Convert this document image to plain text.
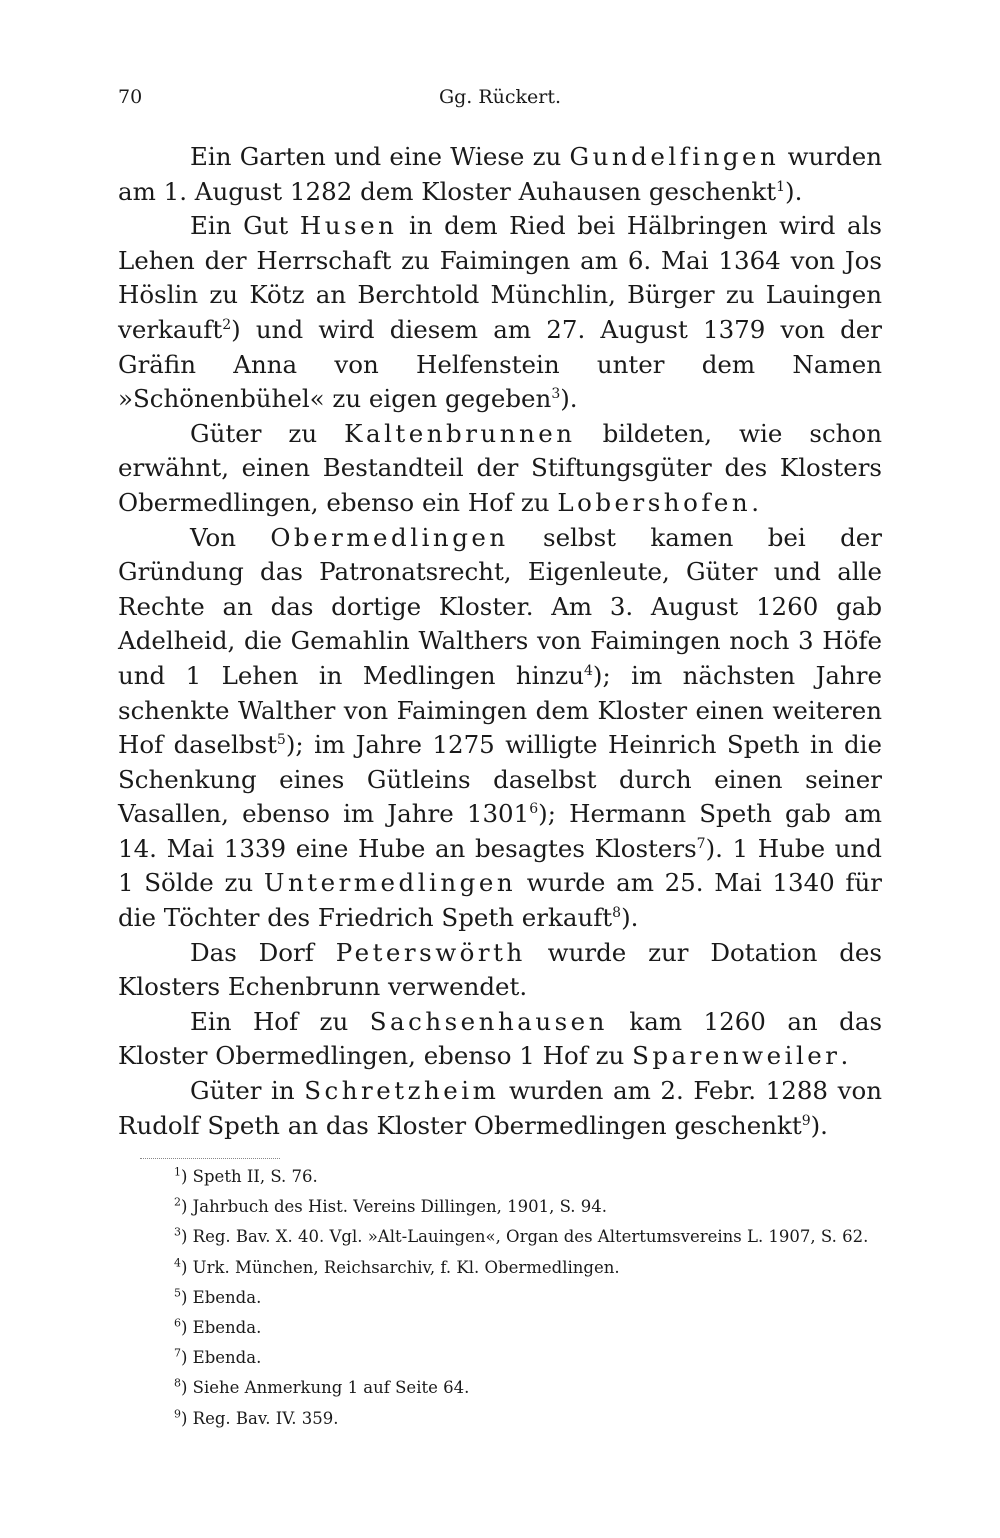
70	Gg. Rückert.

Ein Garten und eine Wiese zu Gundelfingen wurden am 1. August 1282 dem Kloster Auhausen geschenkt$^1$).

Ein Gut Husen in dem Ried bei Hälbringen wird als Lehen der Herrschaft zu Faimingen am 6. Mai 1364 von Jos Höslin zu Kötz an Berchtold Münchlin, Bürger zu Lauingen verkauft$^2$) und wird diesem am 27. August 1379 von der Gräfin Anna von Helfenstein unter dem Namen »Schönenbühel« zu eigen gegeben$^3$).

Güter zu Kaltenbrunnen bildeten, wie schon erwähnt, einen Bestandteil der Stiftungsgüter des Klosters Obermedlingen, ebenso ein Hof zu Lobershofen.

Von Obermedlingen selbst kamen bei der Gründung das Patronatsrecht, Eigenleute, Güter und alle Rechte an das dortige Kloster. Am 3. August 1260 gab Adelheid, die Gemahlin Walthers von Faimingen noch 3 Höfe und 1 Lehen in Medlingen hinzu$^4$); im nächsten Jahre schenkte Walther von Faimingen dem Kloster einen weiteren Hof daselbst$^5$); im Jahre 1275 willigte Heinrich Speth in die Schenkung eines Gütleins daselbst durch einen seiner Vasallen, ebenso im Jahre 1301$^6$); Hermann Speth gab am 14. Mai 1339 eine Hube an besagtes Klosters$^7$). 1 Hube und 1 Sölde zu Untermedlingen wurde am 25. Mai 1340 für die Töchter des Friedrich Speth erkauft$^8$).

Das Dorf Peterswörth wurde zur Dotation des Klosters Echenbrunn verwendet.

Ein Hof zu Sachsenhausen kam 1260 an das Kloster Obermedlingen, ebenso 1 Hof zu Sparenweiler.

Güter in Schretzheim wurden am 2. Febr. 1288 von Rudolf Speth an das Kloster Obermedlingen geschenkt$^9$).

$^1$) Speth II, S. 76.

$^2$) Jahrbuch des Hist. Vereins Dillingen, 1901, S. 94.

$^3$) Reg. Bav. X. 40. Vgl. »Alt-Lauingen«, Organ des Altertumsvereins L. 1907, S. 62.

$^4$) Urk. München, Reichsarchiv, f. Kl. Obermedlingen.

$^5$) Ebenda.

$^6$) Ebenda.

$^7$) Ebenda.

$^8$) Siehe Anmerkung 1 auf Seite 64.

$^9$) Reg. Bav. IV. 359.
